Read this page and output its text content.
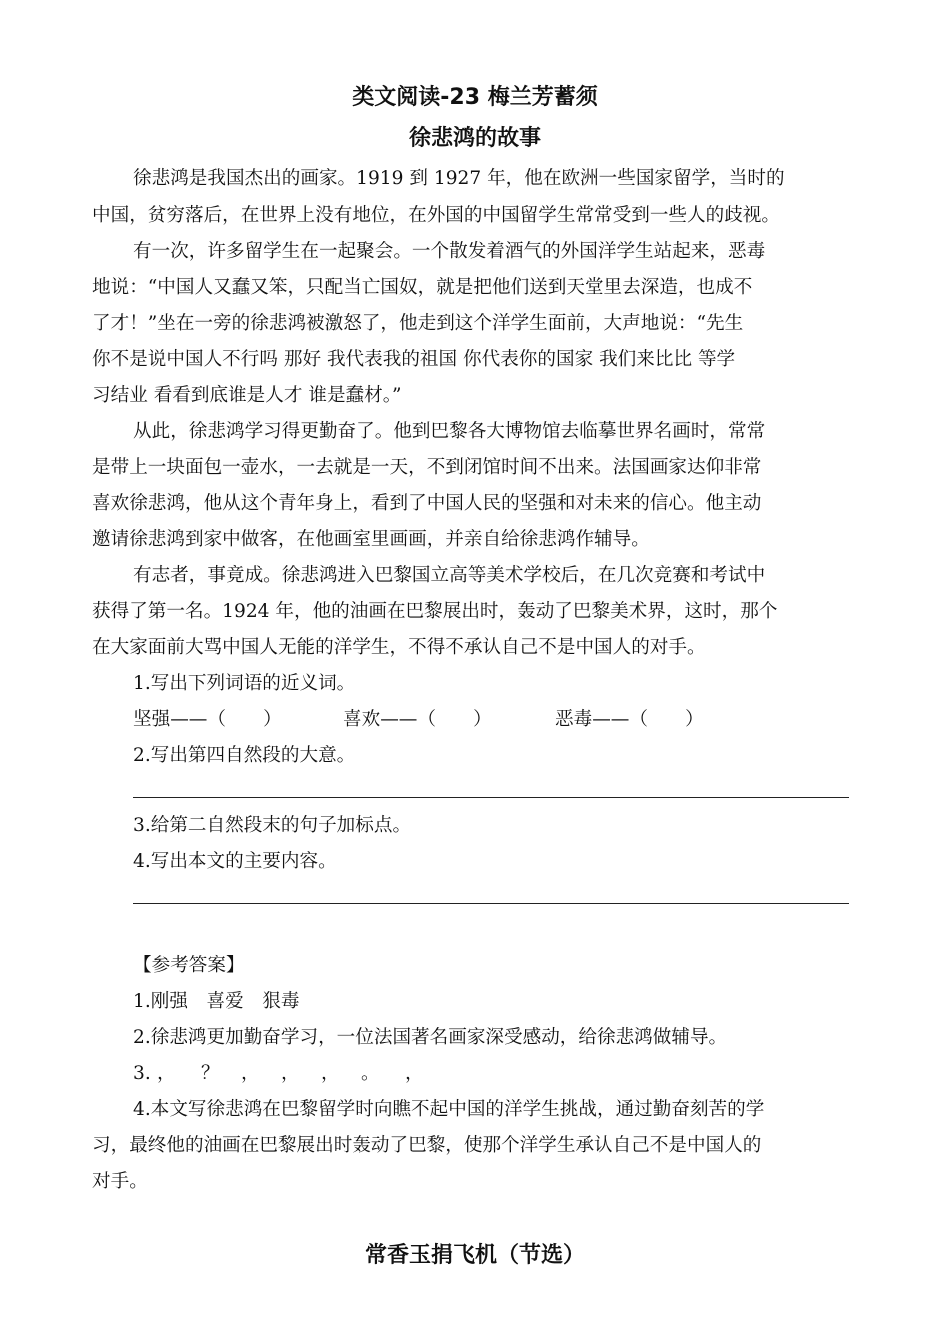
类文阅读-23 梅兰芳蓄须
徐悲鸿的故事
徐悲鸿是我国杰出的画家。1919 到 1927 年，他在欧洲一些国家留学，当时的
中国，贫穷落后，在世界上没有地位，在外国的中国留学生常常受到一些人的歧视。
有一次，许多留学生在一起聚会。一个散发着酒气的外国洋学生站起来，恶毒
地说：“中国人又蠢又笨，只配当亡国奴，就是把他们送到天堂里去深造，也成不
了才！”坐在一旁的徐悲鸿被激怒了，他走到这个洋学生面前，大声地说：“先生
你不是说中国人不行吗 那好 我代表我的祖国 你代表你的国家 我们来比比 等学
习结业 看看到底谁是人才 谁是蠢材。”
从此，徐悲鸿学习得更勤奋了。他到巴黎各大博物馆去临摹世界名画时，常常
是带上一块面包一壶水，一去就是一天，不到闭馆时间不出来。法国画家达仰非常
喜欢徐悲鸿，他从这个青年身上，看到了中国人民的坚强和对未来的信心。他主动
邀请徐悲鸿到家中做客，在他画室里画画，并亲自给徐悲鸿作辅导。
有志者，事竟成。徐悲鸿进入巴黎国立高等美术学校后，在几次竞赛和考试中
获得了第一名。1924 年，他的油画在巴黎展出时，轰动了巴黎美术界，这时，那个
在大家面前大骂中国人无能的洋学生，不得不承认自己不是中国人的对手。
1.写出下列词语的近义词。
坚强——（　　）	喜欢——（　　）	恶毒——（　　）
2.写出第四自然段的大意。
3.给第二自然段末的句子加标点。
4.写出本文的主要内容。
【参考答案】
1.刚强　喜爱　狠毒
2.徐悲鸿更加勤奋学习，一位法国著名画家深受感动，给徐悲鸿做辅导。
3. ， ？ ， ， ， 。 ，
4.本文写徐悲鸿在巴黎留学时向瞧不起中国的洋学生挑战，通过勤奋刻苦的学
习，最终他的油画在巴黎展出时轰动了巴黎，使那个洋学生承认自己不是中国人的
对手。
常香玉捐飞机（节选）
